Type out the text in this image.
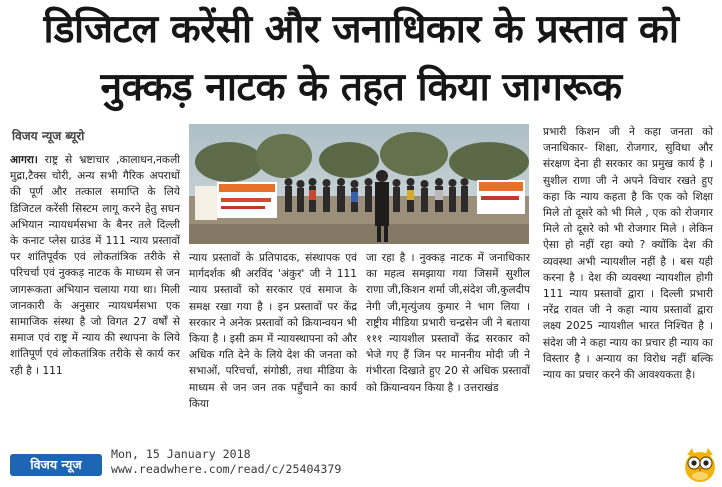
डिजिटल करेंसी और जनाधिकार के प्रस्ताव को
नुक्कड़ नाटक के तहत किया जागरूक
विजय न्यूज ब्यूरो

आगरा। राष्ट्र से भ्रष्टाचार ,कालाधन,नकली मुद्रा,टैक्स चोरी, अन्य सभी गैरिक अपराधों की पूर्ण और तत्काल समाप्ति के लिये डिजिटल करेंसी सिस्टम लागू करने हेतु सघन अभियान न्यायधर्मसभा के बैनर तले दिल्ली के कनाट प्लेस ग्राउंड में 111 न्याय प्रस्तावों पर शांतिपूर्वक एवं लोकतांत्रिक तरीके से परिचर्चा एवं नुक्कड़ नाटक के माध्यम से जन जागरूकता अभियान चलाया गया था। मिली जानकारी के अनुसार न्यायधर्मसभा एक सामाजिक संस्था है जो विगत 27 वर्षों से समाज एवं राष्ट्र में न्याय की स्थापना के लिये शांतिपूर्ण एवं लोकतांत्रिक तरीके से कार्य कर रही है । 111

न्याय प्रस्तावों के प्रतिपादक, संस्थापक एवं मार्गदर्शक श्री अरविंद 'अंकुर' जी ने 111 न्याय प्रस्तावों को सरकार एवं समाज के समक्ष रखा गया है । इन प्रस्तावों पर केंद्र सरकार ने अनेक प्रस्तावों को क्रियान्वयन भी किया है । इसी क्रम में न्यायस्थापना को और अधिक गति देने के लिये देश की जनता को सभाओं, परिचर्चा, संगोष्ठी, तथा मीडिया के माध्यम से जन जन तक पहुँचाने का कार्य किया
जा रहा है । नुक्कड़ नाटक में जनाधिकार का महत्व समझाया गया जिसमें सुशील राणा जी,किशन शर्मा जी,संदेश जी,कुलदीप नेगी जी,मृत्युंजय कुमार ने भाग लिया । राष्ट्रीय मीडिया प्रभारी चन्द्रसेन जी ने बताया १११ न्यायशील प्रस्तावों केंद्र सरकार को भेजे गए हैं जिन पर माननीय मोदी जी ने गंभीरता दिखाते हुए 20 से अधिक प्रस्तावों को क्रियान्वयन किया है । उत्तराखंड
प्रभारी किशन जी ने कहा जनता को जनाधिकार- शिक्षा, रोजगार, सुविधा और संरक्षण देना ही सरकार का प्रमुख कार्य है । सुशील राणा जी ने अपने विचार रखते हुए कहा कि न्याय कहता है कि एक को शिक्षा मिले तो दूसरे को भी मिले , एक को रोजगार मिले तो दूसरे को भी रोजगार मिले । लेकिन ऐसा हो नहीं रहा क्यो ? क्योंकि देश की व्यवस्था अभी न्यायशील नहीं है । बस यही करना है । देश की व्यवस्था न्यायशील होगी 111 न्याय प्रस्तावों द्वारा । दिल्ली प्रभारी नरेंद्र रावत जी ने कहा न्याय प्रस्तावों द्वारा लक्ष्य 2025 न्यायशील भारत निश्चित है । संदेश जी ने कहा न्याय का प्रचार ही न्याय का विस्तार है । अन्याय का विरोध नहीं बल्कि न्याय का प्रचार करने की आवश्यकता है।
विजय न्यूज
Mon, 15 January 2018
www.readwhere.com/read/c/25404379
